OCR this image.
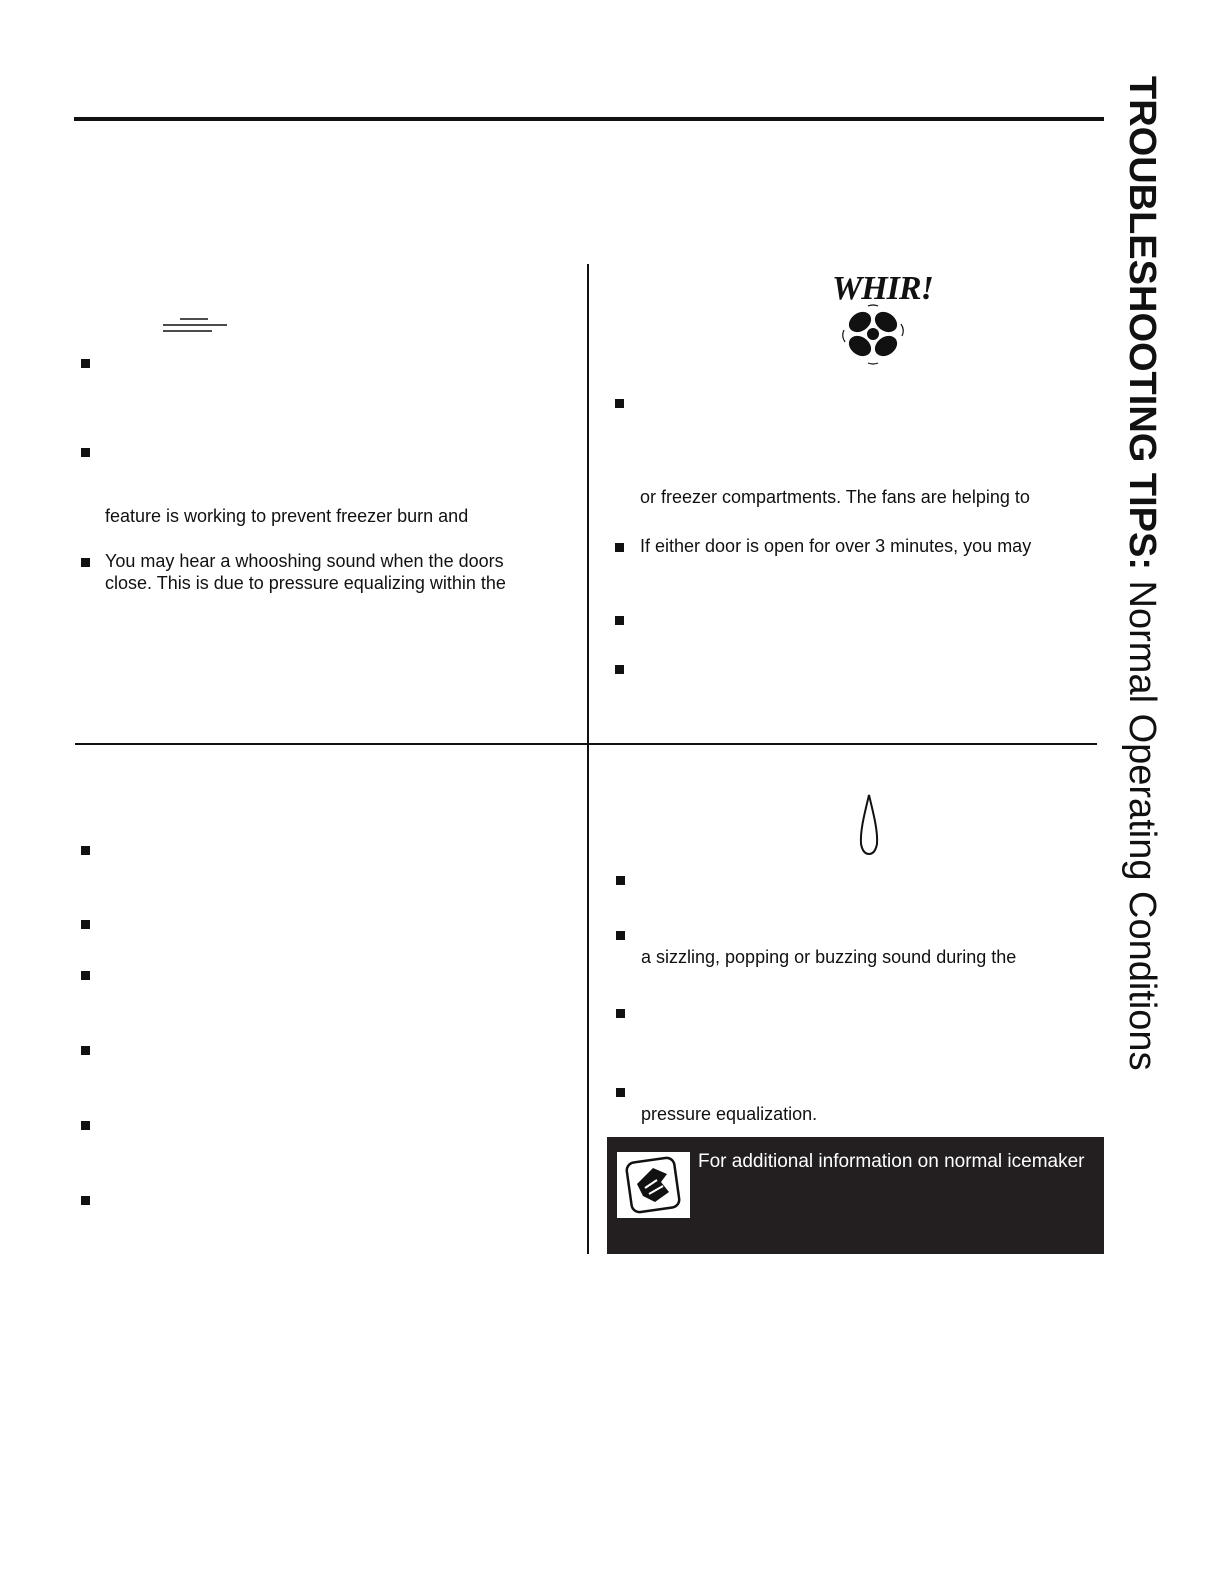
TROUBLESHOOTING TIPS: Normal Operating Conditions
feature is working to prevent freezer burn and
You may hear a whooshing sound when the doors
close. This is due to pressure equalizing within the
WHIR!
or freezer compartments. The fans are helping to
If either door is open for over 3 minutes, you may
a sizzling, popping or buzzing sound during the
pressure equalization.
For additional information on normal icemaker
